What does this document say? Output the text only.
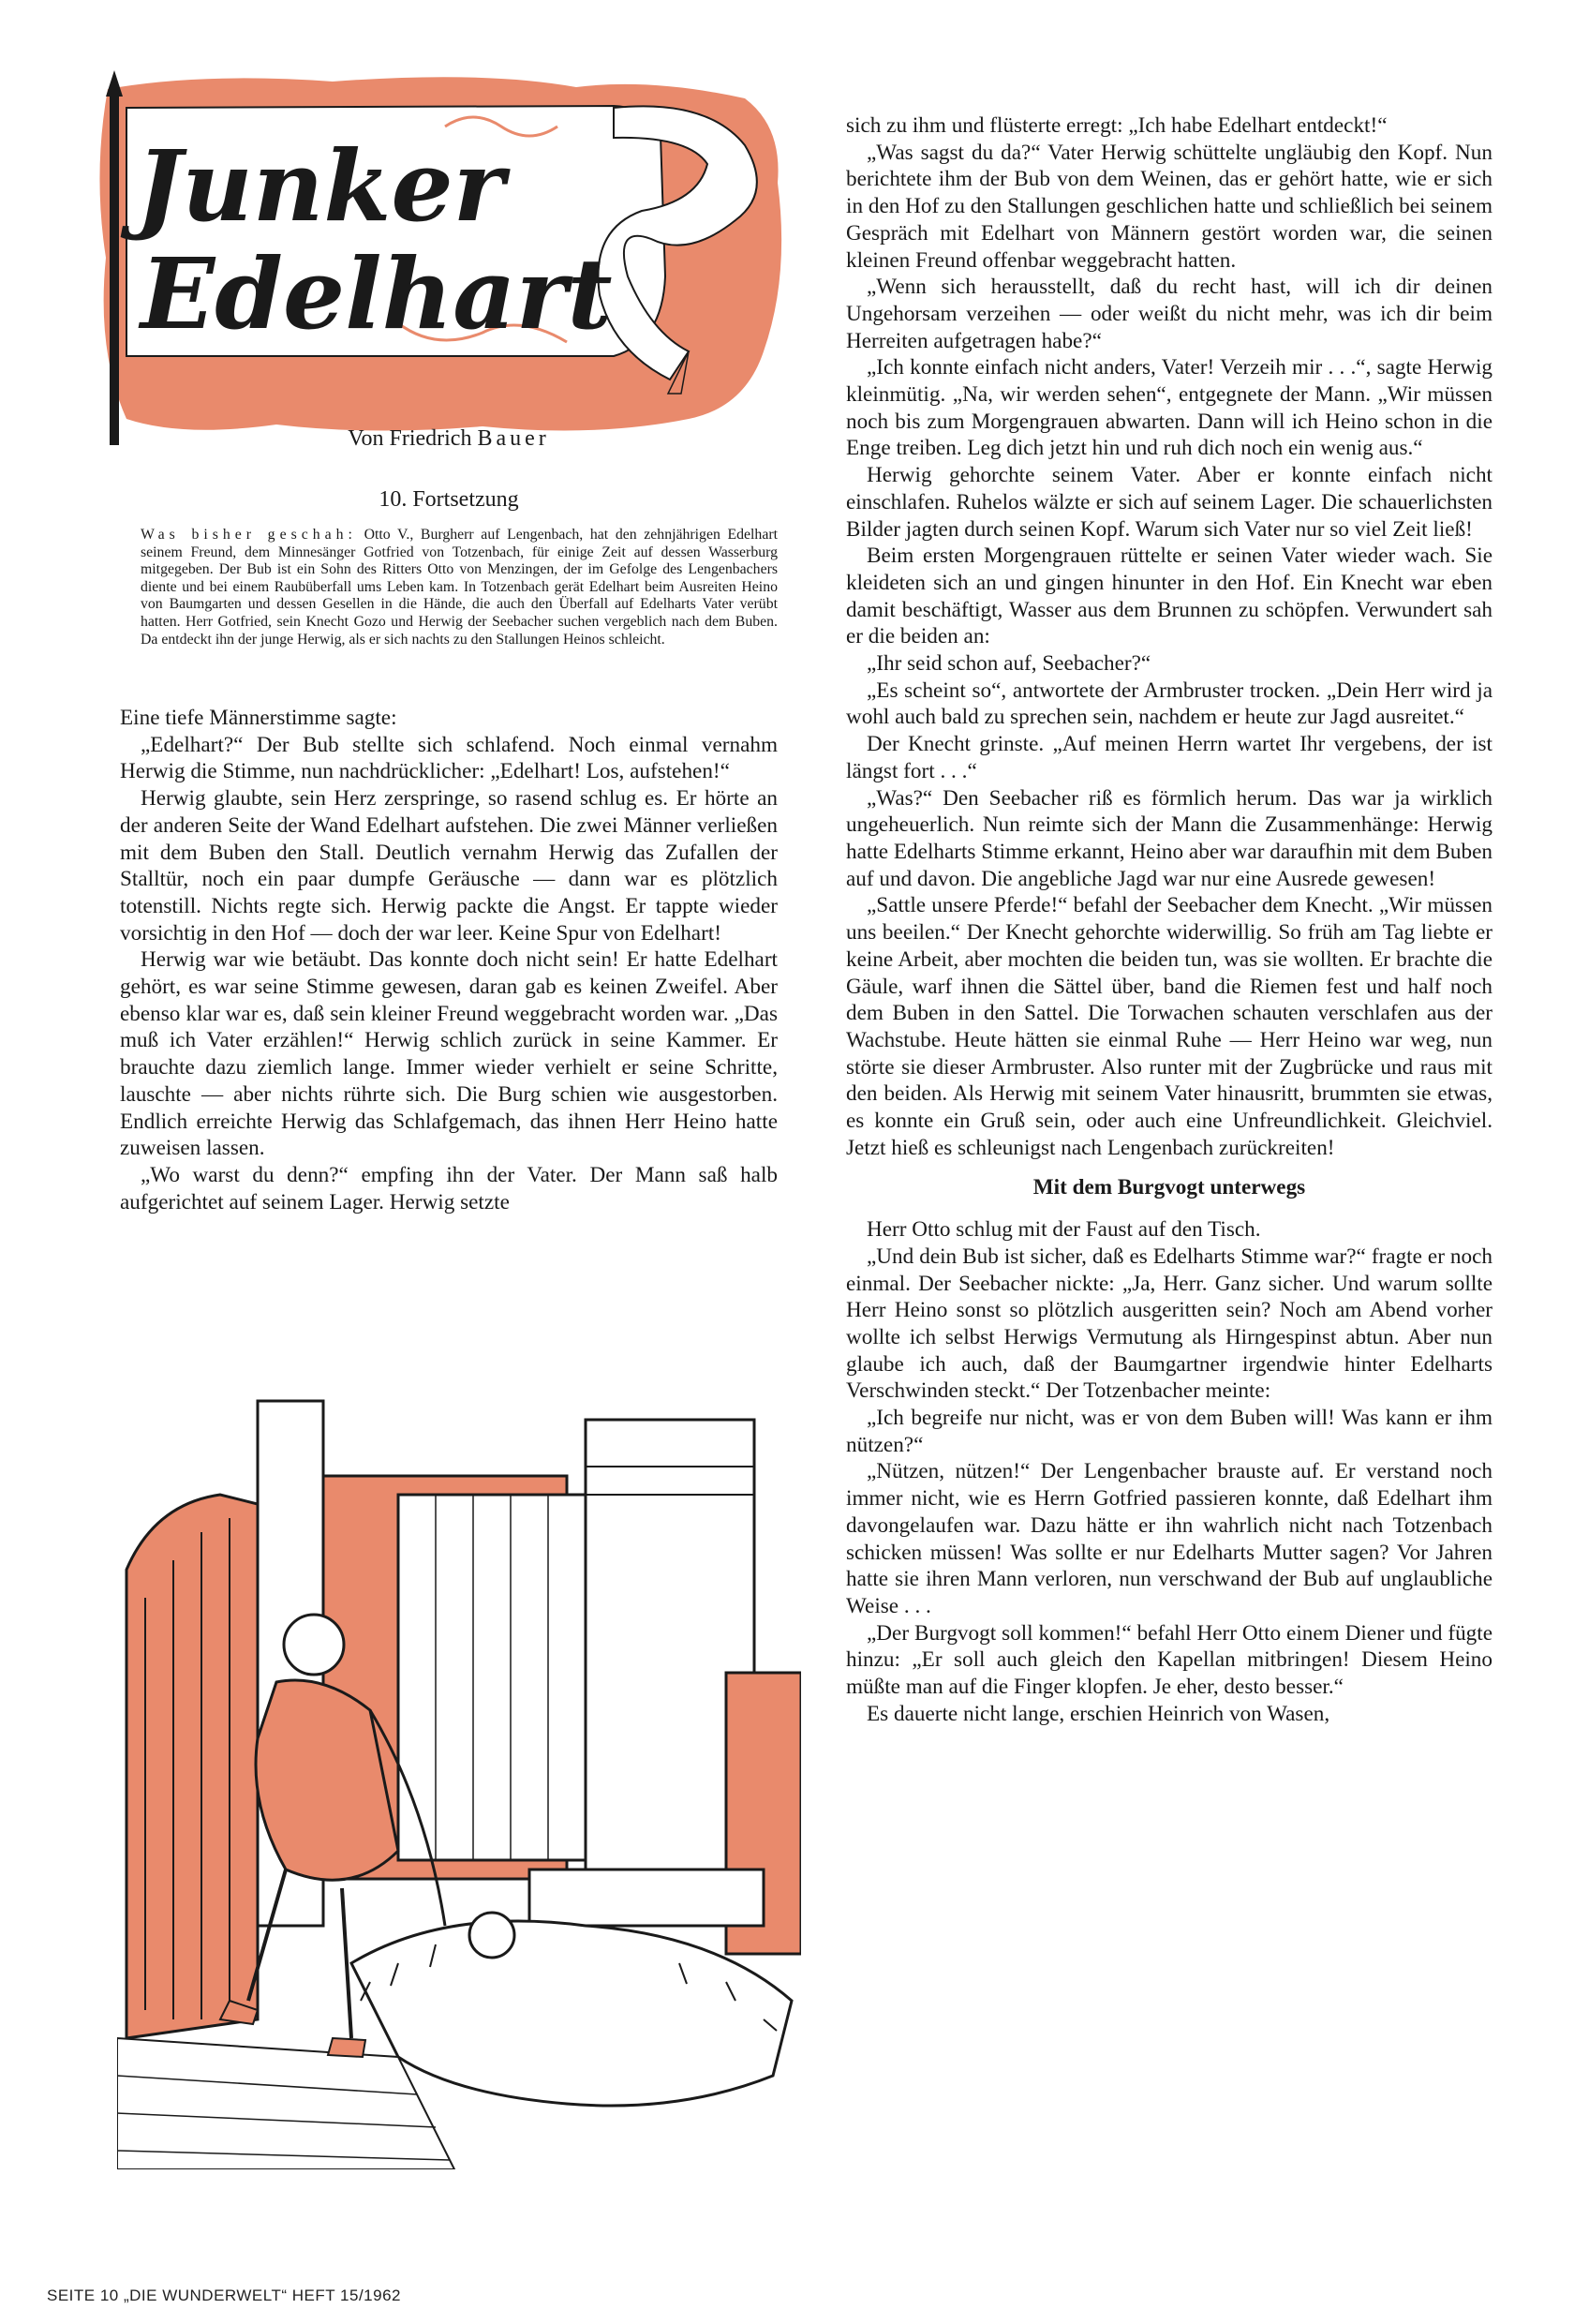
Junker
Edelhart
Von Friedrich Bauer
10. Fortsetzung
Was bisher geschah: Otto V., Burgherr auf Lengenbach, hat den zehnjährigen Edelhart seinem Freund, dem Minnesänger Gotfried von Totzenbach, für einige Zeit auf dessen Wasserburg mitgegeben. Der Bub ist ein Sohn des Ritters Otto von Menzingen, der im Gefolge des Lengenbachers diente und bei einem Raubüberfall ums Leben kam. In Totzenbach gerät Edelhart beim Ausreiten Heino von Baumgarten und dessen Gesellen in die Hände, die auch den Überfall auf Edelharts Vater verübt hatten. Herr Gotfried, sein Knecht Gozo und Herwig der Seebacher suchen vergeblich nach dem Buben. Da entdeckt ihn der junge Herwig, als er sich nachts zu den Stallungen Heinos schleicht.

Eine tiefe Männerstimme sagte:

„Edelhart?“ Der Bub stellte sich schlafend. Noch einmal vernahm Herwig die Stimme, nun nachdrücklicher: „Edelhart! Los, aufstehen!“

Herwig glaubte, sein Herz zerspringe, so rasend schlug es. Er hörte an der anderen Seite der Wand Edelhart aufstehen. Die zwei Männer verließen mit dem Buben den Stall. Deutlich vernahm Herwig das Zufallen der Stalltür, noch ein paar dumpfe Geräusche — dann war es plötzlich totenstill. Nichts regte sich. Herwig packte die Angst. Er tappte wieder vorsichtig in den Hof — doch der war leer. Keine Spur von Edelhart!

Herwig war wie betäubt. Das konnte doch nicht sein! Er hatte Edelhart gehört, es war seine Stimme gewesen, daran gab es keinen Zweifel. Aber ebenso klar war es, daß sein kleiner Freund weggebracht worden war. „Das muß ich Vater erzählen!“ Herwig schlich zurück in seine Kammer. Er brauchte dazu ziemlich lange. Immer wieder verhielt er seine Schritte, lauschte — aber nichts rührte sich. Die Burg schien wie ausgestorben. Endlich erreichte Herwig das Schlafgemach, das ihnen Herr Heino hatte zuweisen lassen.

„Wo warst du denn?“ empfing ihn der Vater. Der Mann saß halb aufgerichtet auf seinem Lager. Herwig setzte

sich zu ihm und flüsterte erregt: „Ich habe Edelhart entdeckt!“

„Was sagst du da?“ Vater Herwig schüttelte ungläubig den Kopf. Nun berichtete ihm der Bub von dem Weinen, das er gehört hatte, wie er sich in den Hof zu den Stallungen geschlichen hatte und schließlich bei seinem Gespräch mit Edelhart von Männern gestört worden war, die seinen kleinen Freund offenbar weggebracht hatten.

„Wenn sich herausstellt, daß du recht hast, will ich dir deinen Ungehorsam verzeihen — oder weißt du nicht mehr, was ich dir beim Herreiten aufgetragen habe?“

„Ich konnte einfach nicht anders, Vater! Verzeih mir . . .“, sagte Herwig kleinmütig. „Na, wir werden sehen“, entgegnete der Mann. „Wir müssen noch bis zum Morgengrauen abwarten. Dann will ich Heino schon in die Enge treiben. Leg dich jetzt hin und ruh dich noch ein wenig aus.“

Herwig gehorchte seinem Vater. Aber er konnte einfach nicht einschlafen. Ruhelos wälzte er sich auf seinem Lager. Die schauerlichsten Bilder jagten durch seinen Kopf. Warum sich Vater nur so viel Zeit ließ!

Beim ersten Morgengrauen rüttelte er seinen Vater wieder wach. Sie kleideten sich an und gingen hinunter in den Hof. Ein Knecht war eben damit beschäftigt, Wasser aus dem Brunnen zu schöpfen. Verwundert sah er die beiden an:

„Ihr seid schon auf, Seebacher?“

„Es scheint so“, antwortete der Armbruster trocken. „Dein Herr wird ja wohl auch bald zu sprechen sein, nachdem er heute zur Jagd ausreitet.“

Der Knecht grinste. „Auf meinen Herrn wartet Ihr vergebens, der ist längst fort . . .“

„Was?“ Den Seebacher riß es förmlich herum. Das war ja wirklich ungeheuerlich. Nun reimte sich der Mann die Zusammenhänge: Herwig hatte Edelharts Stimme erkannt, Heino aber war daraufhin mit dem Buben auf und davon. Die angebliche Jagd war nur eine Ausrede gewesen!

„Sattle unsere Pferde!“ befahl der Seebacher dem Knecht. „Wir müssen uns beeilen.“ Der Knecht gehorchte widerwillig. So früh am Tag liebte er keine Arbeit, aber mochten die beiden tun, was sie wollten. Er brachte die Gäule, warf ihnen die Sättel über, band die Riemen fest und half noch dem Buben in den Sattel. Die Torwachen schauten verschlafen aus der Wachstube. Heute hätten sie einmal Ruhe — Herr Heino war weg, nun störte sie dieser Armbruster. Also runter mit der Zugbrücke und raus mit den beiden. Als Herwig mit seinem Vater hinausritt, brummten sie etwas, es konnte ein Gruß sein, oder auch eine Unfreundlichkeit. Gleichviel. Jetzt hieß es schleunigst nach Lengenbach zurückreiten!

Mit dem Burgvogt unterwegs

Herr Otto schlug mit der Faust auf den Tisch.

„Und dein Bub ist sicher, daß es Edelharts Stimme war?“ fragte er noch einmal. Der Seebacher nickte: „Ja, Herr. Ganz sicher. Und warum sollte Herr Heino sonst so plötzlich ausgeritten sein? Noch am Abend vorher wollte ich selbst Herwigs Vermutung als Hirngespinst abtun. Aber nun glaube ich auch, daß der Baumgartner irgendwie hinter Edelharts Verschwinden steckt.“ Der Totzenbacher meinte:

„Ich begreife nur nicht, was er von dem Buben will! Was kann er ihm nützen?“

„Nützen, nützen!“ Der Lengenbacher brauste auf. Er verstand noch immer nicht, wie es Herrn Gotfried passieren konnte, daß Edelhart ihm davongelaufen war. Dazu hätte er ihn wahrlich nicht nach Totzenbach schicken müssen! Was sollte er nur Edelharts Mutter sagen? Vor Jahren hatte sie ihren Mann verloren, nun verschwand der Bub auf unglaubliche Weise . . .

„Der Burgvogt soll kommen!“ befahl Herr Otto einem Diener und fügte hinzu: „Er soll auch gleich den Kapellan mitbringen! Diesem Heino müßte man auf die Finger klopfen. Je eher, desto besser.“

Es dauerte nicht lange, erschien Heinrich von Wasen,

SEITE 10 „DIE WUNDERWELT“ HEFT 15/1962
